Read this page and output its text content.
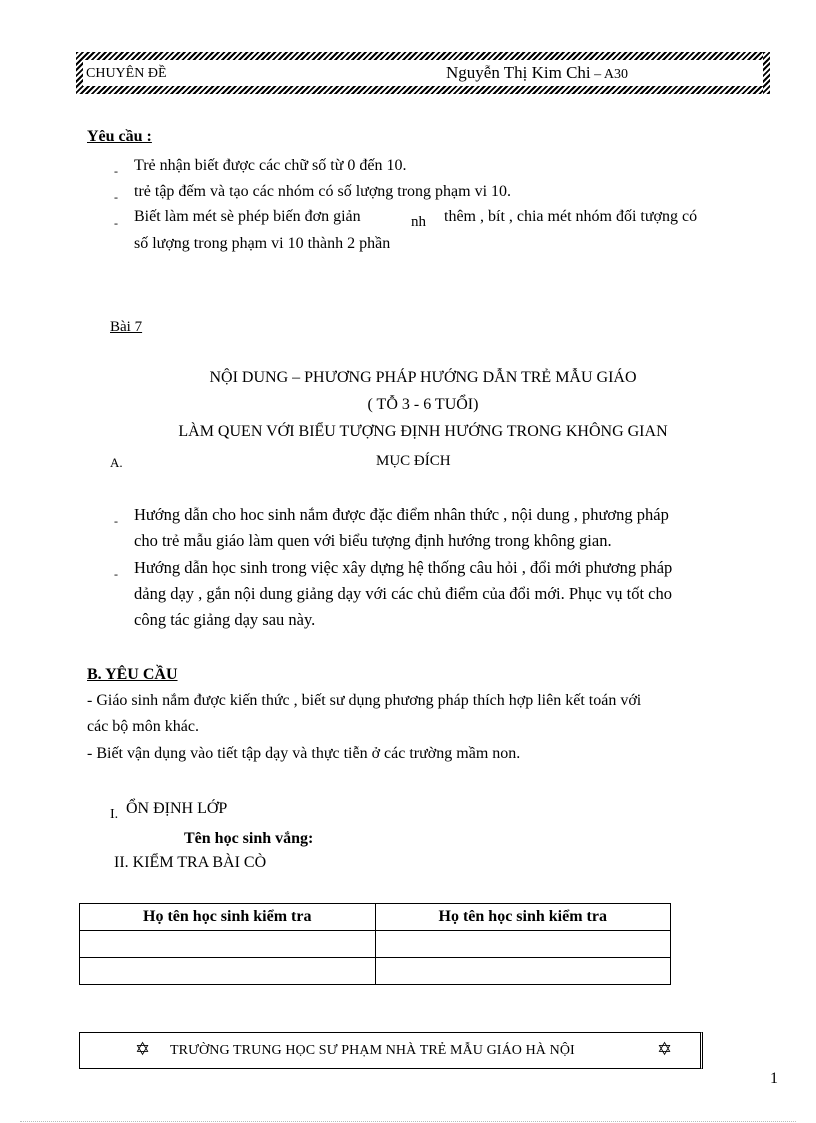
CHUYÊN ĐỀ	Nguyễn Thị Kim Chi – A30
Yêu cầu :
- Trẻ nhận biết được các chữ số từ 0 đến 10.
- trẻ tập đếm và tạo các nhóm có số lượng trong phạm vi 10.
- Biết làm mét sè phép biến đơn giản	nh thêm , bít , chia mét nhóm đối tượng có
số lượng trong phạm vi 10 thành 2 phần
Bài 7
NỘI DUNG – PHƯƠNG PHÁP HƯỚNG DẪN TRẺ MẪU GIÁO
( TỖ 3 - 6 TUỔI)
LÀM QUEN VỚI BIỂU TƯỢNG ĐỊNH HƯỚNG TRONG KHÔNG GIAN
A.	MỤC ĐÍCH
- Hướng dẫn cho hoc sinh nắm được đặc điểm nhân thức , nội dung , phương pháp
cho trẻ mẫu giáo làm quen với biểu tượng định hướng trong không gian.
- Hướng dẫn học sinh trong việc xây dựng hệ thống câu hỏi , đổi mới phương pháp
dảng dạy , gắn nội dung giảng dạy với các chủ điểm của đổi mới. Phục vụ tốt cho
công tác giảng dạy sau này.
B. YÊU CẦU
- Giáo sinh nắm được kiến thức , biết sư dụng phương pháp thích hợp liên kết toán với
các bộ môn khác.
- Biết vận dụng vào tiết tập dạy và thực tiễn ở các trường mầm non.
I. ỔN ĐỊNH LỚP
Tên học sinh vắng:
II. KIỂM TRA BÀI CÒ
Họ tên học sinh kiểm tra	Họ tên học sinh kiểm tra

✡ TRƯỜNG TRUNG HỌC SƯ PHẠM NHÀ TRẺ MẪU GIÁO HÀ NỘI	✡
1
